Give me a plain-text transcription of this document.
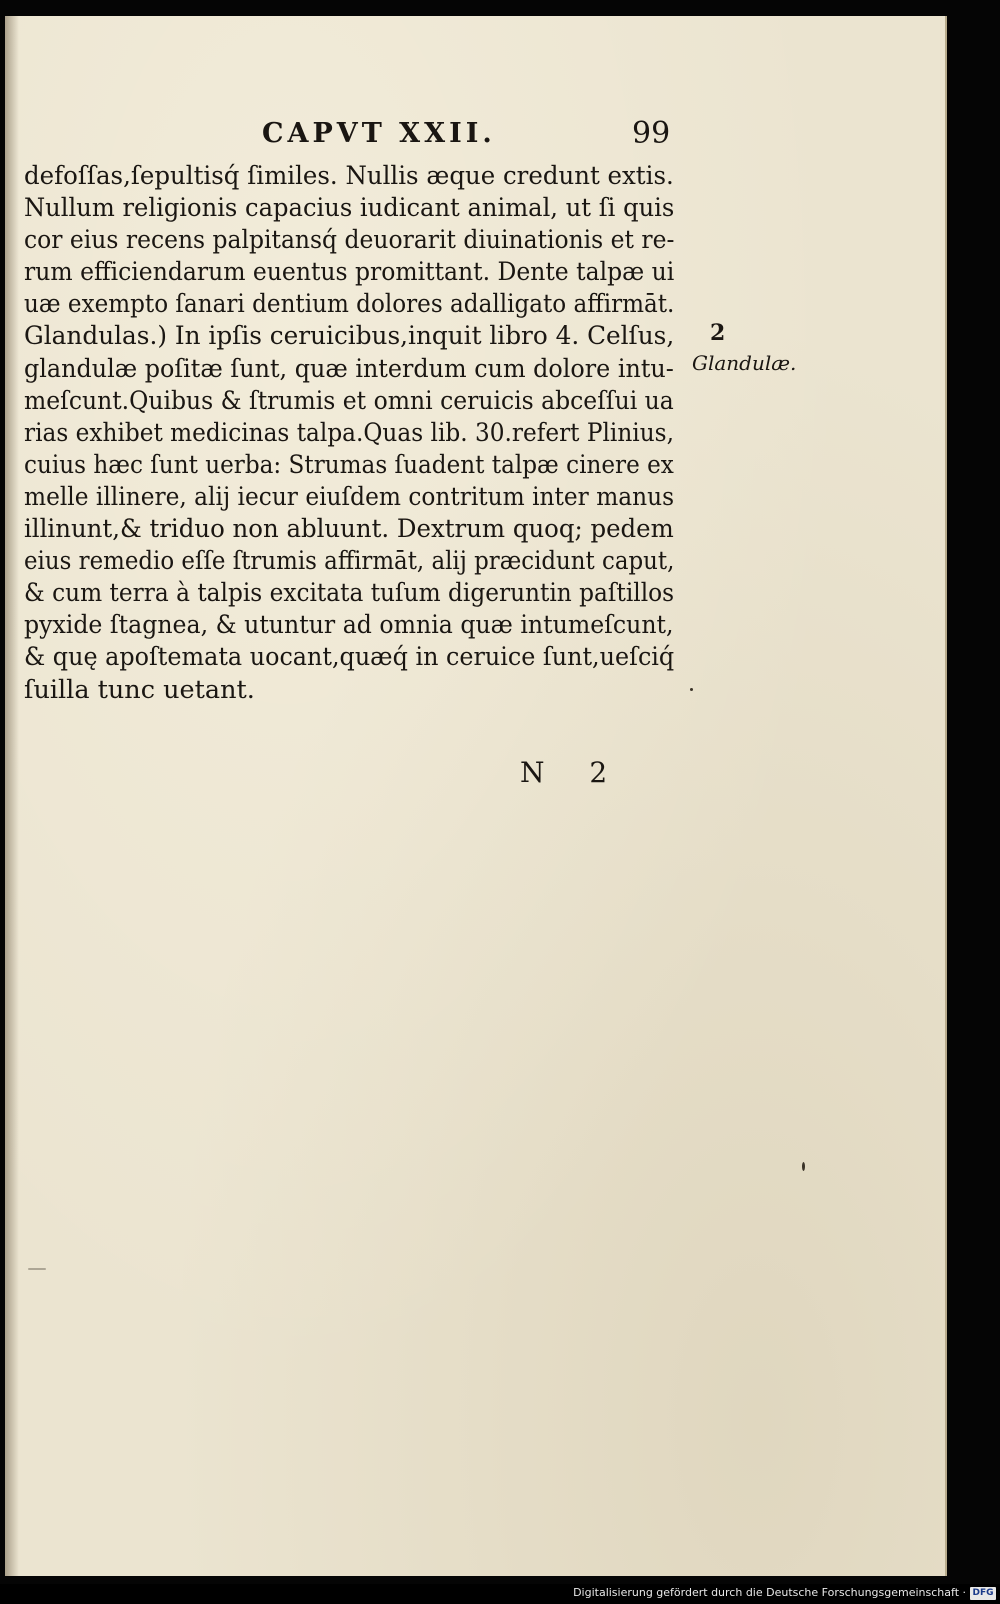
CAPVT XXII.	99
defoſſas,ſepultisq́ ſimiles. Nullis æque credunt extis.
Nullum religionis capacius iudicant animal, ut ſi quis
cor eius recens palpitansq́ deuorarit diuinationis et re-
rum efficiendarum euentus promittant. Dente talpæ ui
uæ exempto ſanari dentium dolores adalligato affirmāt.
Glandulas.) In ipſis ceruicibus,inquit libro 4. Celſus,
glandulæ poſitæ ſunt, quæ interdum cum dolore intu-
meſcunt.Quibus & ſtrumis et omni ceruicis abceſſui ua
rias exhibet medicinas talpa.Quas lib. 30.refert Plinius,
cuius hæc ſunt uerba: Strumas ſuadent talpæ cinere ex
melle illinere, alij iecur eiuſdem contritum inter manus
illinunt,& triduo non abluunt. Dextrum quoq; pedem
eius remedio eſſe ſtrumis affirmāt, alij præcidunt caput,
& cum terra à talpis excitata tuſum digeruntin paſtillos
pyxide ſtagnea, & utuntur ad omnia quæ intumeſcunt,
& quę apoſtemata uocant,quæq́ in ceruice ſunt,ueſciq́
ſuilla tunc uetant.
2
Glandulæ.
N 2
Digitalisierung gefördert durch die Deutsche Forschungsgemeinschaft · DFG
